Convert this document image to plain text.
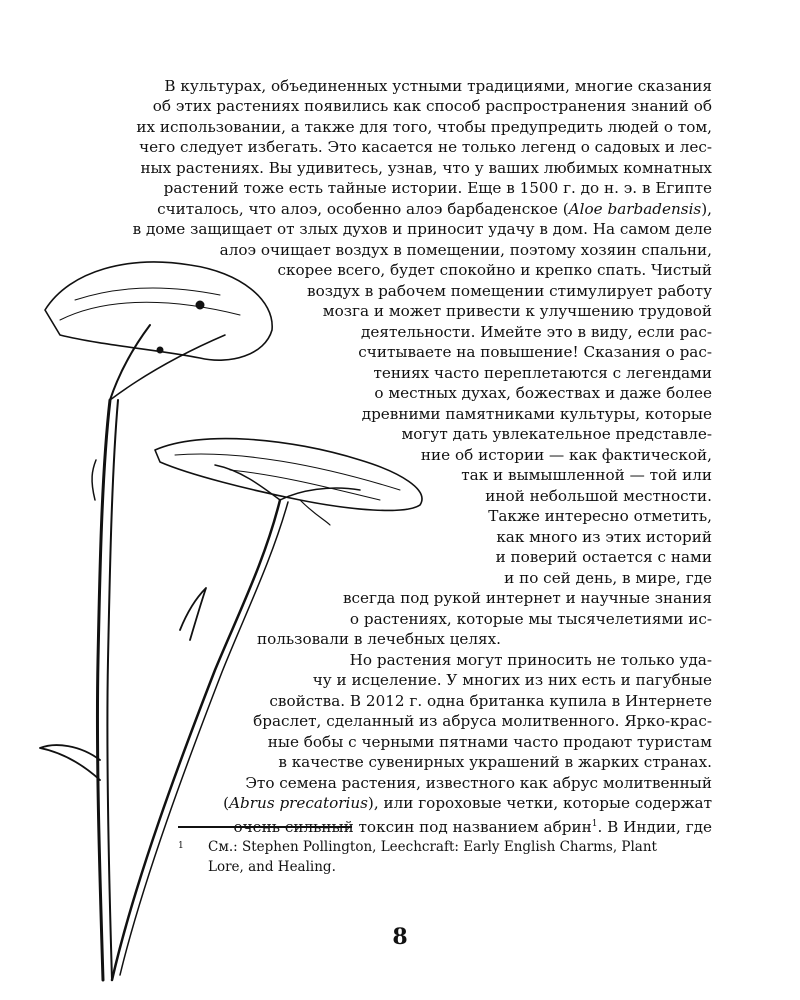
В культурах, объединенных устными традициями, многие сказания
об этих растениях появились как способ распространения знаний об
их использовании, а также для того, чтобы предупредить людей о том,
чего следует избегать. Это касается не только легенд о садовых и лес-
ных растениях. Вы удивитесь, узнав, что у ваших любимых комнатных
растений тоже есть тайные истории. Еще в 1500 г. до н. э. в Египте
считалось, что алоэ, особенно алоэ барбаденское (Aloe barbadensis),
в доме защищает от злых духов и приносит удачу в дом. На самом деле
алоэ очищает воздух в помещении, поэтому хозяин спальни,
скорее всего, будет спокойно и крепко спать. Чистый
воздух в рабочем помещении стимулирует работу
мозга и может привести к улучшению трудовой
деятельности. Имейте это в виду, если рас-
считываете на повышение! Сказания о рас-
тениях часто переплетаются с легендами
о местных духах, божествах и даже более
древними памятниками культуры, которые
могут дать увлекательное представле-
ние об истории — как фактической,
так и вымышленной — той или
иной небольшой местности.
Также интересно отметить,
как много из этих историй
и поверий остается с нами
и по сей день, в мире, где
всегда под рукой интернет и научные знания
о растениях, которые мы тысячелетиями ис-
пользовали в лечебных целях.
Но растения могут приносить не только уда-
чу и исцеление. У многих из них есть и пагубные
свойства. В 2012 г. одна британка купила в Интернете
браслет, сделанный из абруса молитвенного. Ярко-крас-
ные бобы с черными пятнами часто продают туристам
в качестве сувенирных украшений в жарких странах.
Это семена растения, известного как абрус молитвенный
(Abrus precatorius), или гороховые четки, которые содержат
очень сильный токсин под названием абрин$^1$. В Индии, где
1 См.: Stephen Pollington, Leechcraft: Early English Charms, Plant
Lore, and Healing.
8
